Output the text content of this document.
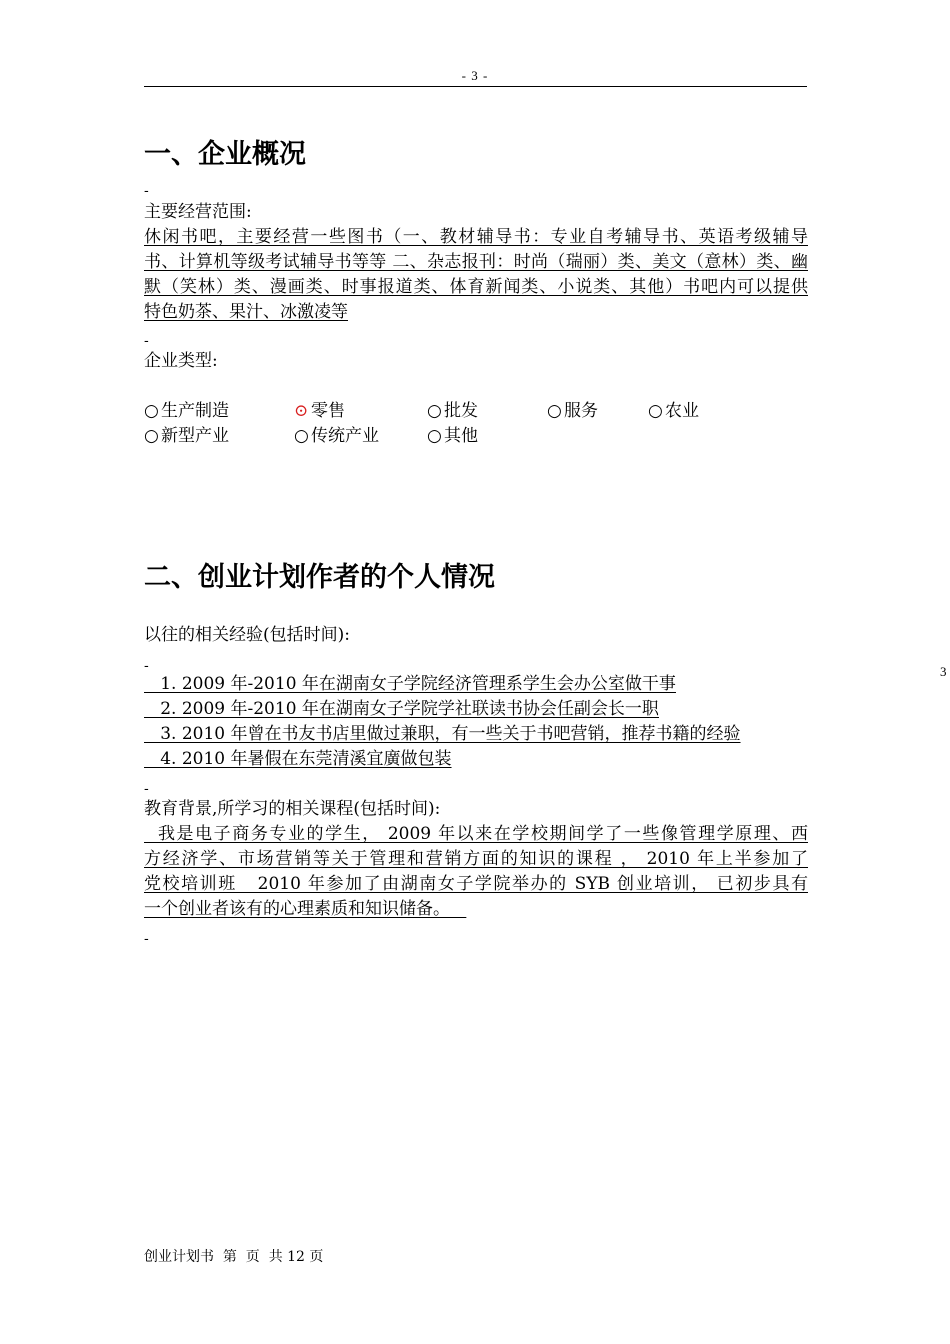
- 3 -
一、企业概况
-
主要经营范围:
休闲书吧，主要经营一些图书（一、教材辅导书：专业自考辅导书、英语考级辅导
书、计算机等级考试辅导书等等 二、杂志报刊：时尚（瑞丽）类、美文（意林）类、幽
默（笑林）类、漫画类、时事报道类、体育新闻类、小说类、其他）书吧内可以提供
特色奶茶、果汁、冰激凌等
-
企业类型:
○ 生产制造	⊙ 零售	○ 批发	○ 服务	○ 农业
○ 新型产业	○ 传统产业	○ 其他
二、创业计划作者的个人情况
以往的相关经验(包括时间):
-
1. 2009 年-2010 年在湖南女子学院经济管理系学生会办公室做干事
2. 2009 年-2010 年在湖南女子学院学社联读书协会任副会长一职
3. 2010 年曾在书友书店里做过兼职，有一些关于书吧营销，推荐书籍的经验
4. 2010 年暑假在东莞清溪宜廣做包装
3
-
教育背景,所学习的相关课程(包括时间):
我是电子商务专业的学生， 2009 年以来在学校期间学了一些像管理学原理、西
方经济学、市场营销等关于管理和营销方面的知识的课程 ， 2010 年上半参加了
党校培训班   2010 年参加了由湖南女子学院举办的 SYB 创业培训， 已初步具有
一个创业者该有的心理素质和知识储备。
-
创业计划书  第  页  共 12 页
